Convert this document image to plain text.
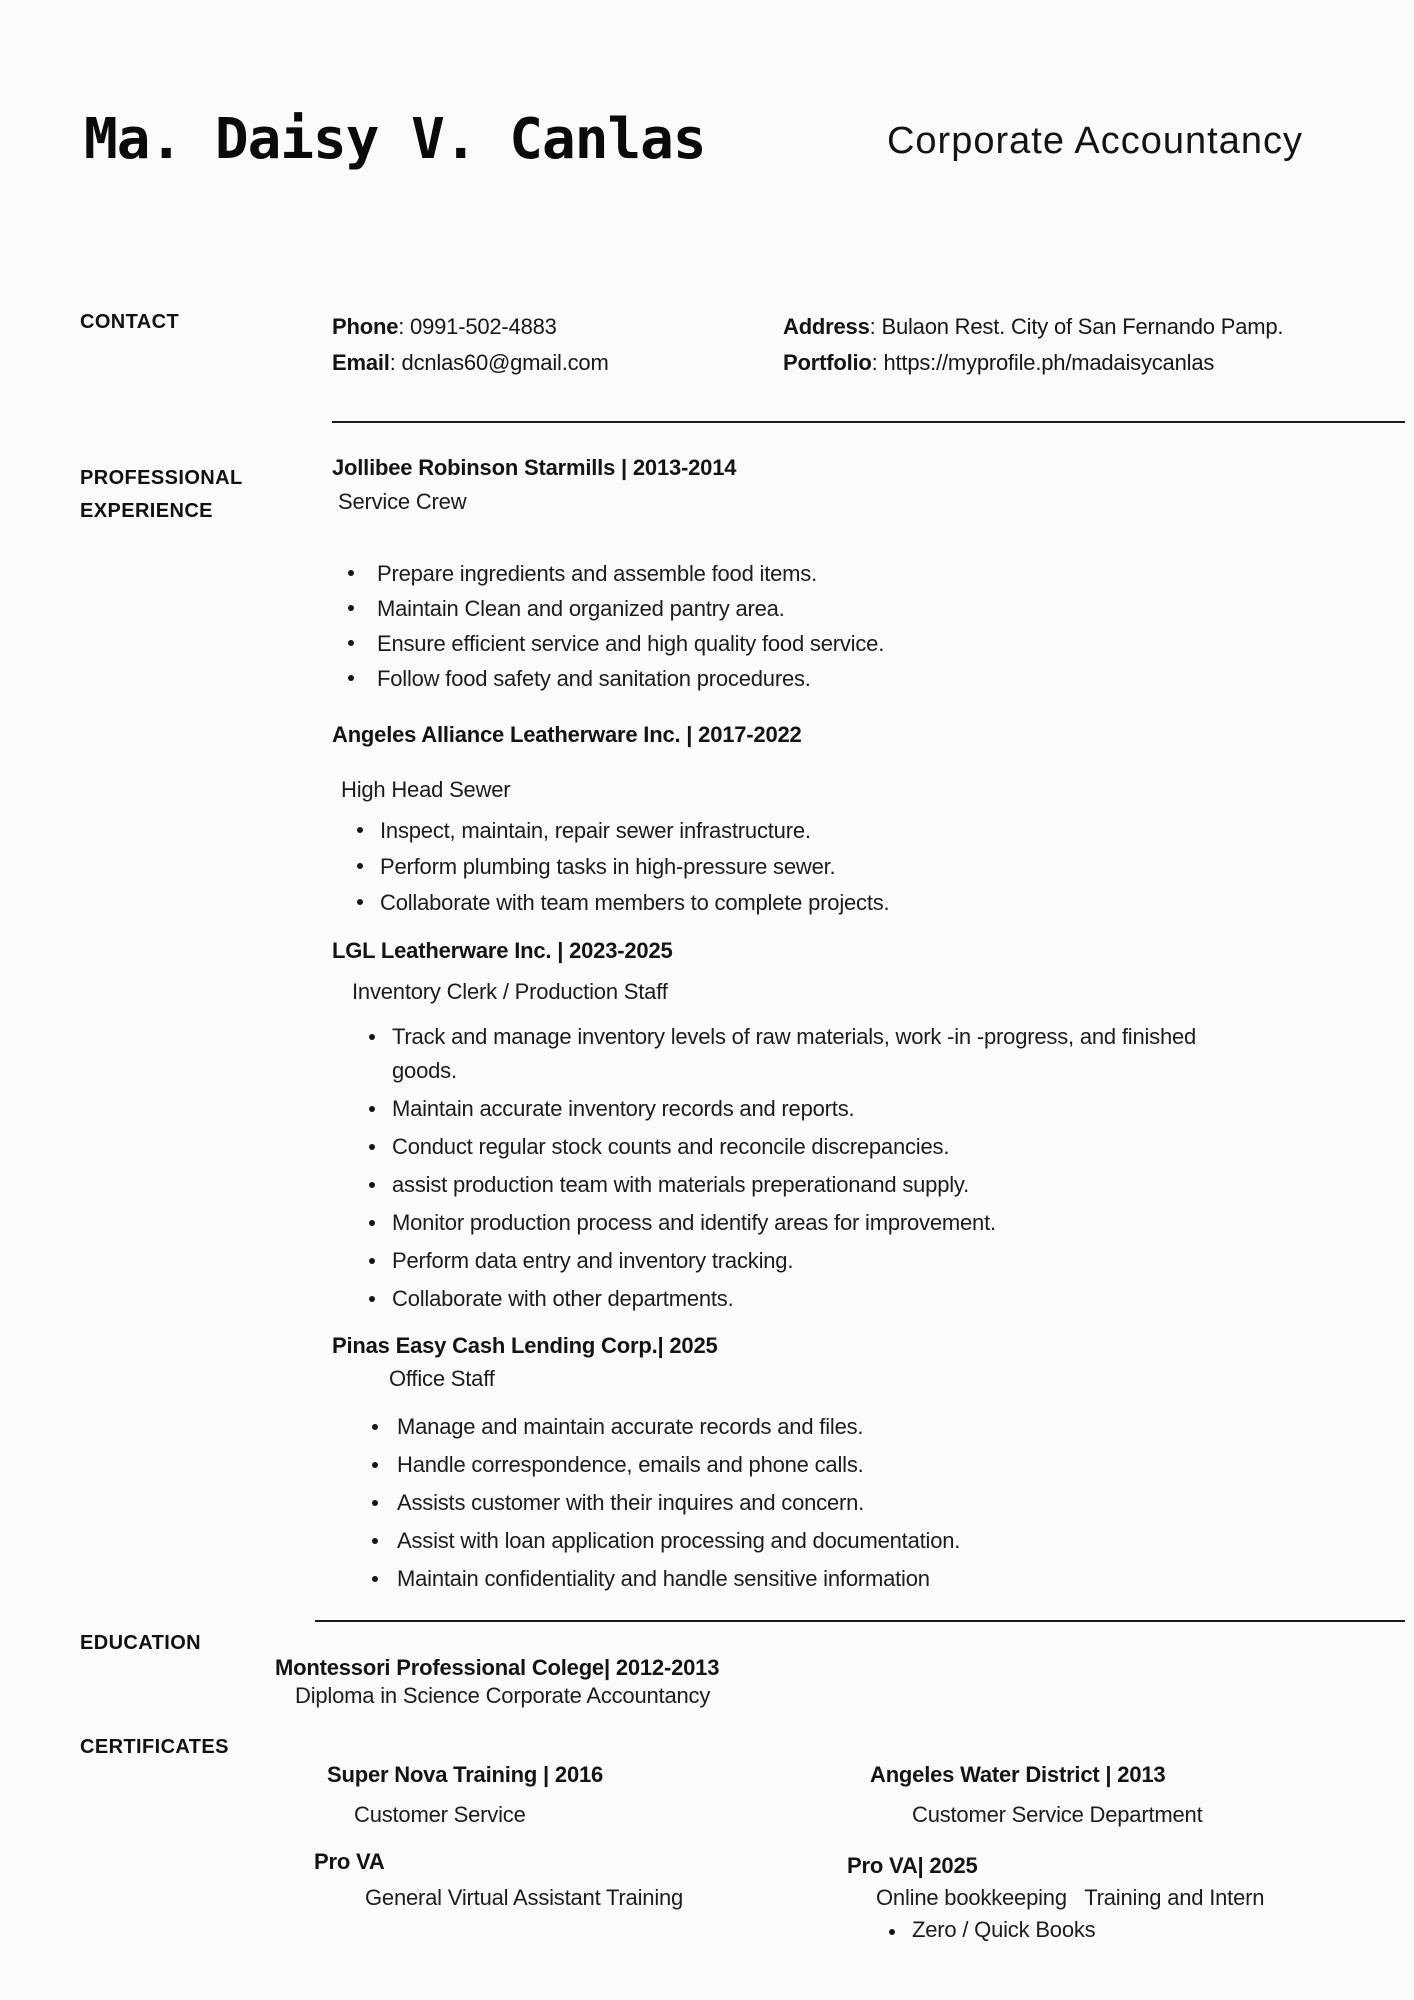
Ma. Daisy V. Canlas	Corporate Accountancy
CONTACT	Phone: 0991-502-4883
Email: dcnlas60@gmail.com
Address: Bulaon Rest. City of San Fernando Pamp.
Portfolio: https://myprofile.ph/madaisycanlas
PROFESSIONAL EXPERIENCE
Jollibee Robinson Starmills | 2013-2014
Service Crew
Prepare ingredients and assemble food items.
Maintain Clean and organized pantry area.
Ensure efficient service and high quality food service.
Follow food safety and sanitation procedures.
Angeles Alliance Leatherware Inc. | 2017-2022
High Head Sewer
Inspect, maintain, repair sewer infrastructure.
Perform plumbing tasks in high-pressure sewer.
Collaborate with team members to complete projects.
LGL Leatherware Inc. | 2023-2025
Inventory Clerk / Production Staff
Track and manage inventory levels of raw materials, work -in -progress, and finished goods.
Maintain accurate inventory records and reports.
Conduct regular stock counts and reconcile discrepancies.
assist production team with materials preperationand supply.
Monitor production process and identify areas for improvement.
Perform data entry and inventory tracking.
Collaborate with other departments.
Pinas Easy Cash Lending Corp.| 2025
Office Staff
Manage and maintain accurate records and files.
Handle correspondence, emails and phone calls.
Assists customer with their inquires and concern.
Assist with loan application processing and documentation.
Maintain confidentiality and handle sensitive information
EDUCATION
Montessori Professional Colege| 2012-2013
Diploma in Science Corporate Accountancy
CERTIFICATES
Super Nova Training | 2016
Customer Service
Pro VA
General Virtual Assistant Training
Angeles Water District | 2013
Customer Service Department
Pro VA| 2025
Online bookkeeping   Training and Intern
Zero / Quick Books
